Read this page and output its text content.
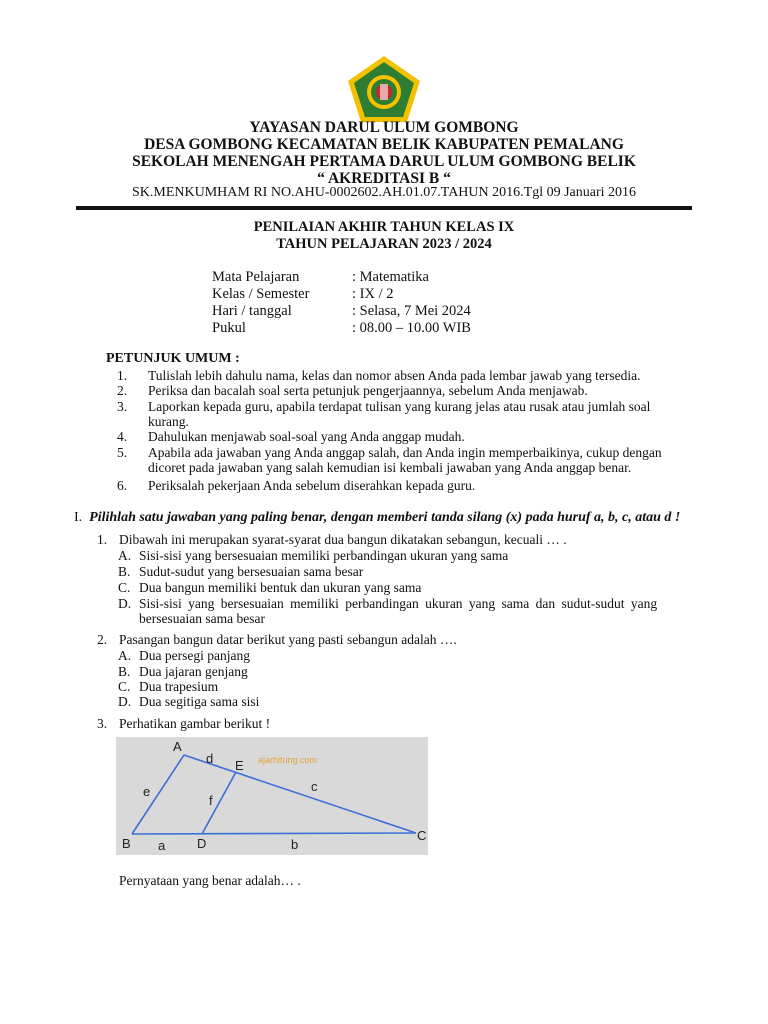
YAYASAN DARUL ULUM GOMBONG
DESA GOMBONG KECAMATAN BELIK KABUPATEN PEMALANG
SEKOLAH MENENGAH PERTAMA DARUL ULUM GOMBONG BELIK
“ AKREDITASI B “
SK.MENKUMHAM RI NO.AHU-0002602.AH.01.07.TAHUN 2016.Tgl 09 Januari 2016
PENILAIAN AKHIR TAHUN KELAS IX
TAHUN PELAJARAN 2023 / 2024
Mata Pelajaran	: Matematika
Kelas / Semester	: IX / 2
Hari / tanggal	: Selasa, 7 Mei 2024
Pukul	: 08.00 – 10.00 WIB
PETUNJUK UMUM :
1. Tulislah lebih dahulu nama, kelas dan nomor absen Anda pada lembar jawab yang tersedia.
2. Periksa dan bacalah soal serta petunjuk pengerjaannya, sebelum Anda menjawab.
3. Laporkan kepada guru, apabila terdapat tulisan yang kurang jelas atau rusak atau jumlah soal
kurang.
4. Dahulukan menjawab soal-soal yang Anda anggap mudah.
5. Apabila ada jawaban yang Anda anggap salah, dan Anda ingin memperbaikinya, cukup dengan
dicoret pada jawaban yang salah kemudian isi kembali jawaban yang Anda anggap benar.
6. Periksalah pekerjaan Anda sebelum diserahkan kepada guru.
I. Pilihlah satu jawaban yang paling benar, dengan memberi tanda silang (x) pada huruf a, b, c, atau d !
1. Dibawah ini merupakan syarat-syarat dua bangun dikatakan sebangun, kecuali … .
A. Sisi-sisi yang bersesuaian memiliki perbandingan ukuran yang sama
B. Sudut-sudut yang bersesuaian sama besar
C. Dua bangun memiliki bentuk dan ukuran yang sama
D. Sisi-sisi yang bersesuaian memiliki perbandingan ukuran yang sama dan sudut-sudut yang
bersesuaian sama besar
2. Pasangan bangun datar berikut yang pasti sebangun adalah ….
A. Dua persegi panjang
B. Dua jajaran genjang
C. Dua trapesium
D. Dua segitiga sama sisi
3. Perhatikan gambar berikut !
A
B
C
D
E
a	b
c
d
e
f
ajarhitung.com
Pernyataan yang benar adalah… .
